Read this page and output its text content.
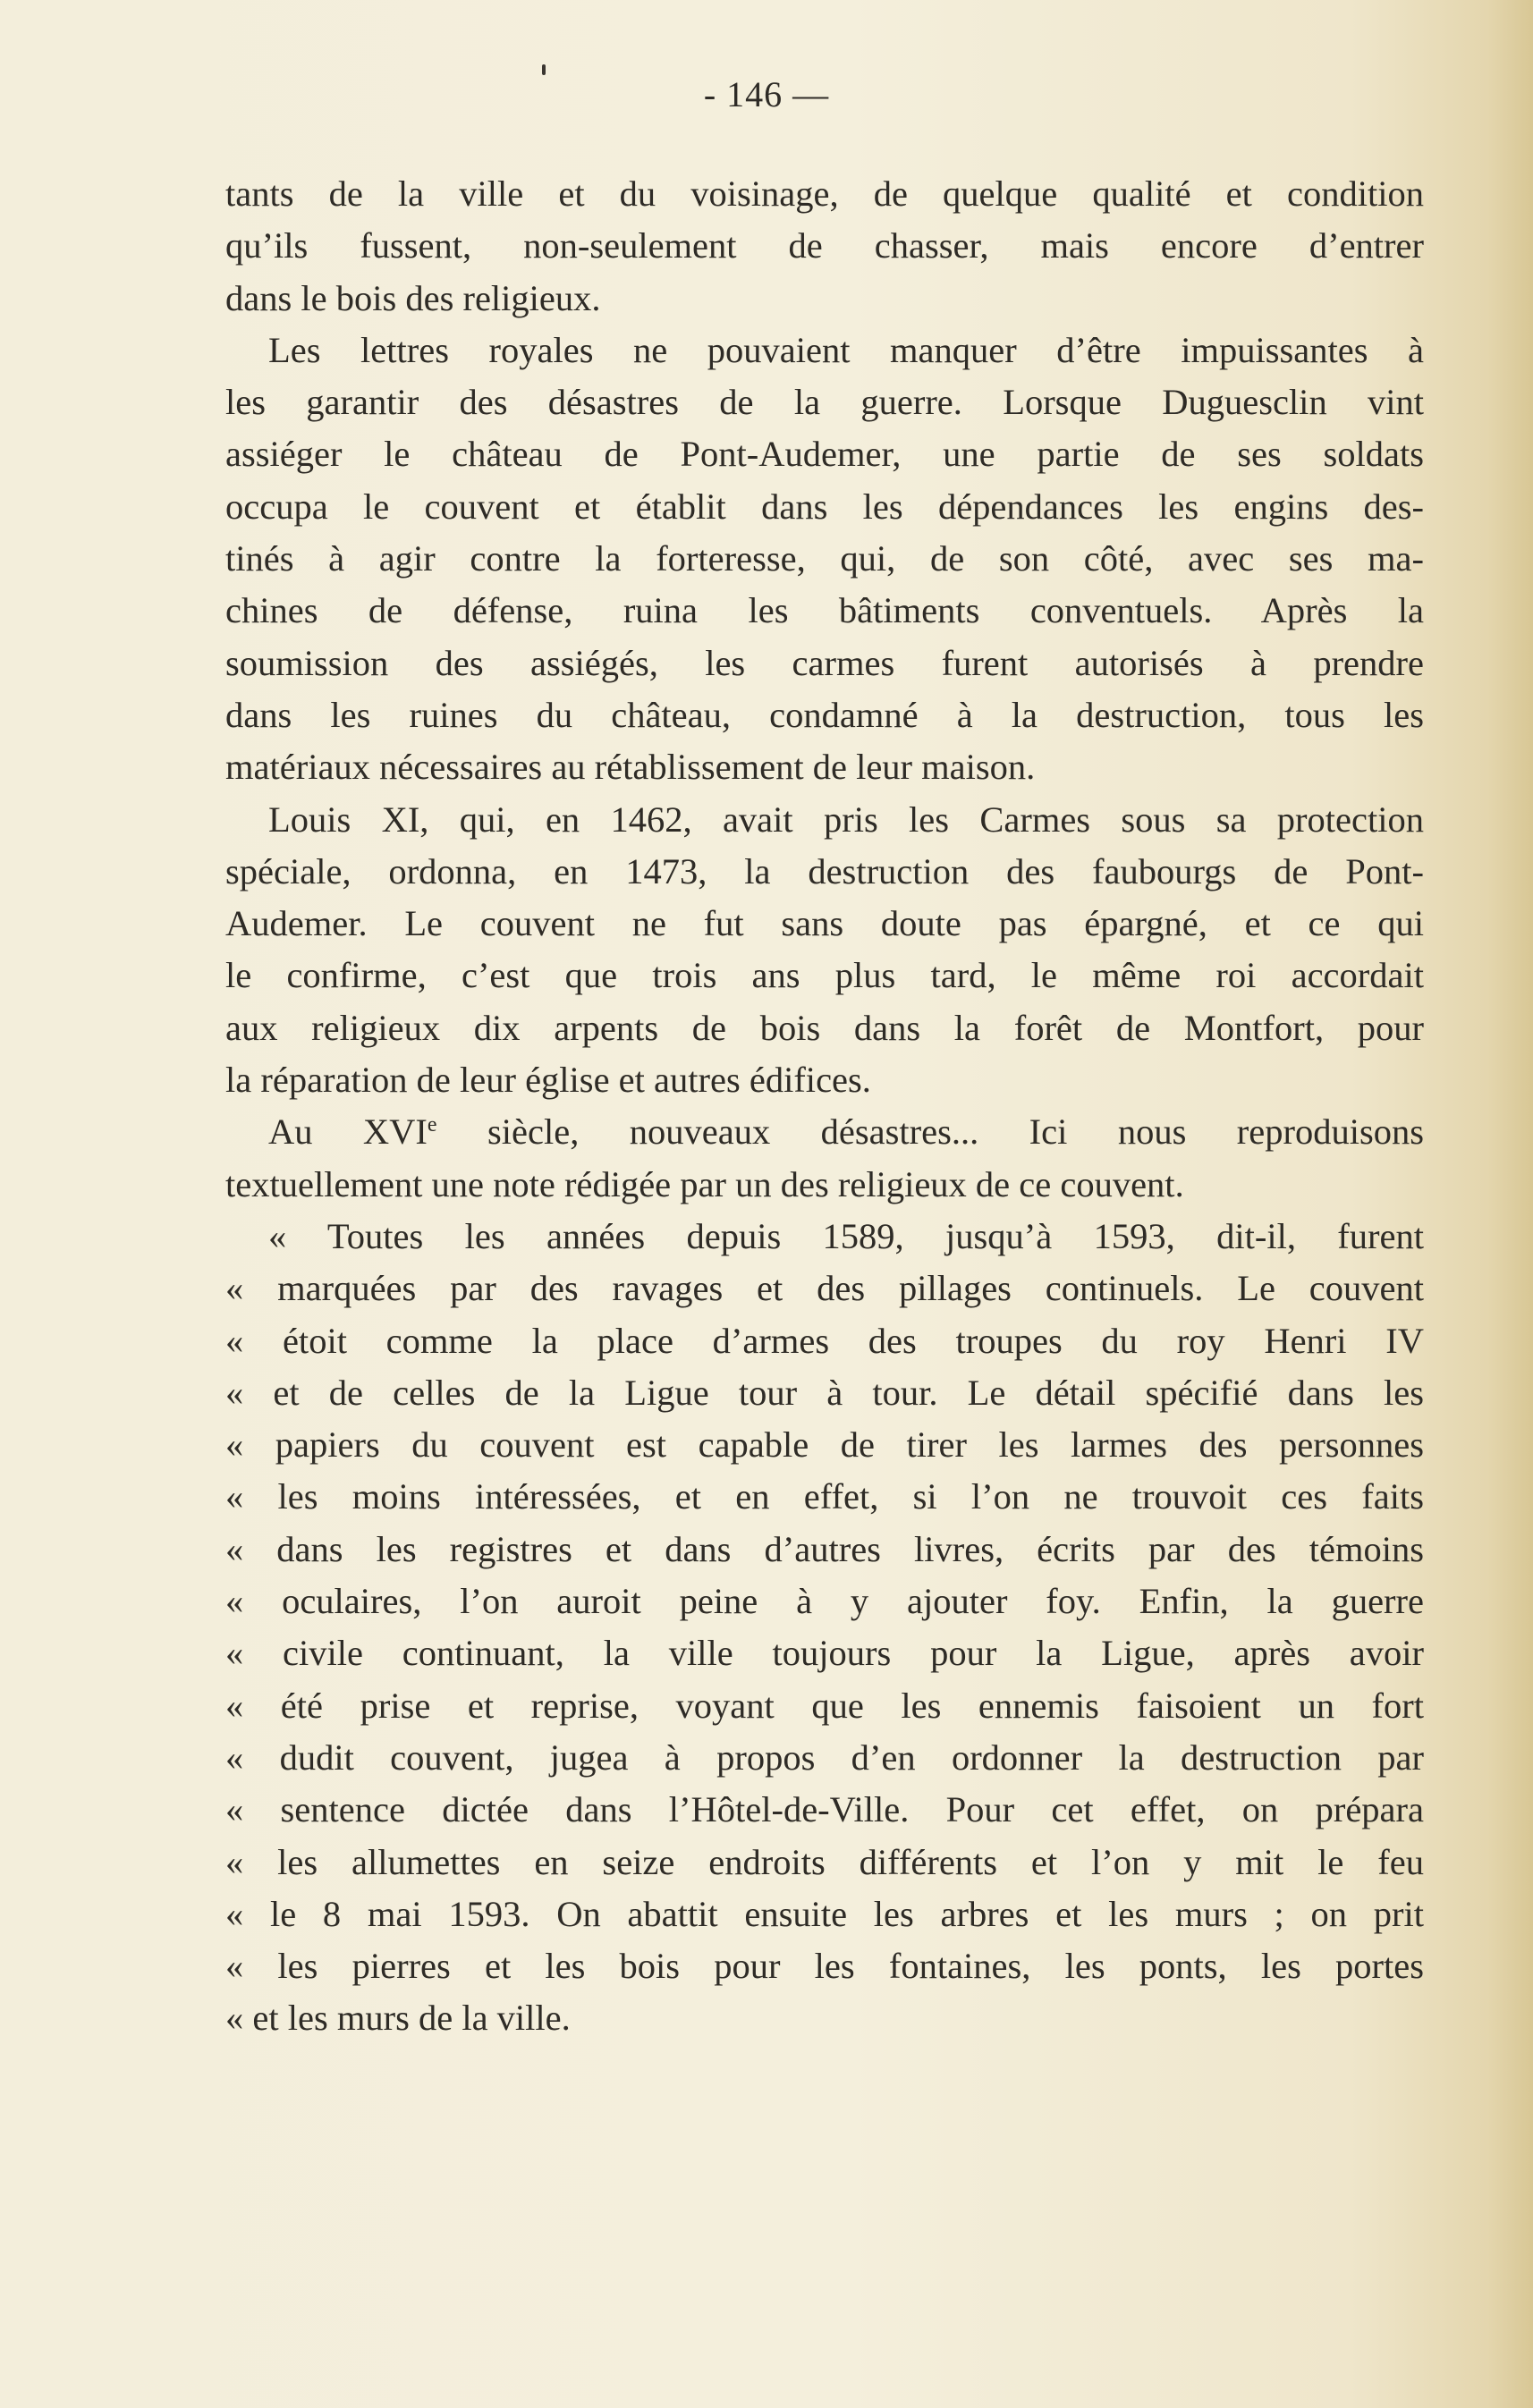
- 146 —
tants de la ville et du voisinage, de quelque qualité et condition
qu’ils fussent, non-seulement de chasser, mais encore d’entrer
dans le bois des religieux.
Les lettres royales ne pouvaient manquer d’être impuissantes à
les garantir des désastres de la guerre. Lorsque Duguesclin vint
assiéger le château de Pont-Audemer, une partie de ses soldats
occupa le couvent et établit dans les dépendances les engins des-
tinés à agir contre la forteresse, qui, de son côté, avec ses ma-
chines de défense, ruina les bâtiments conventuels. Après la
soumission des assiégés, les carmes furent autorisés à prendre
dans les ruines du château, condamné à la destruction, tous les
matériaux nécessaires au rétablissement de leur maison.
Louis XI, qui, en 1462, avait pris les Carmes sous sa protection
spéciale, ordonna, en 1473, la destruction des faubourgs de Pont-
Audemer. Le couvent ne fut sans doute pas épargné, et ce qui
le confirme, c’est que trois ans plus tard, le même roi accordait
aux religieux dix arpents de bois dans la forêt de Montfort, pour
la réparation de leur église et autres édifices.
Au XVIe siècle, nouveaux désastres... Ici nous reproduisons
textuellement une note rédigée par un des religieux de ce couvent.
« Toutes les années depuis 1589, jusqu’à 1593, dit-il, furent
« marquées par des ravages et des pillages continuels. Le couvent
« étoit comme la place d’armes des troupes du roy Henri IV
« et de celles de la Ligue tour à tour. Le détail spécifié dans les
« papiers du couvent est capable de tirer les larmes des personnes
« les moins intéressées, et en effet, si l’on ne trouvoit ces faits
« dans les registres et dans d’autres livres, écrits par des témoins
« oculaires, l’on auroit peine à y ajouter foy. Enfin, la guerre
« civile continuant, la ville toujours pour la Ligue, après avoir
« été prise et reprise, voyant que les ennemis faisoient un fort
« dudit couvent, jugea à propos d’en ordonner la destruction par
« sentence dictée dans l’Hôtel-de-Ville. Pour cet effet, on prépara
« les allumettes en seize endroits différents et l’on y mit le feu
« le 8 mai 1593. On abattit ensuite les arbres et les murs ; on prit
« les pierres et les bois pour les fontaines, les ponts, les portes
« et les murs de la ville.
